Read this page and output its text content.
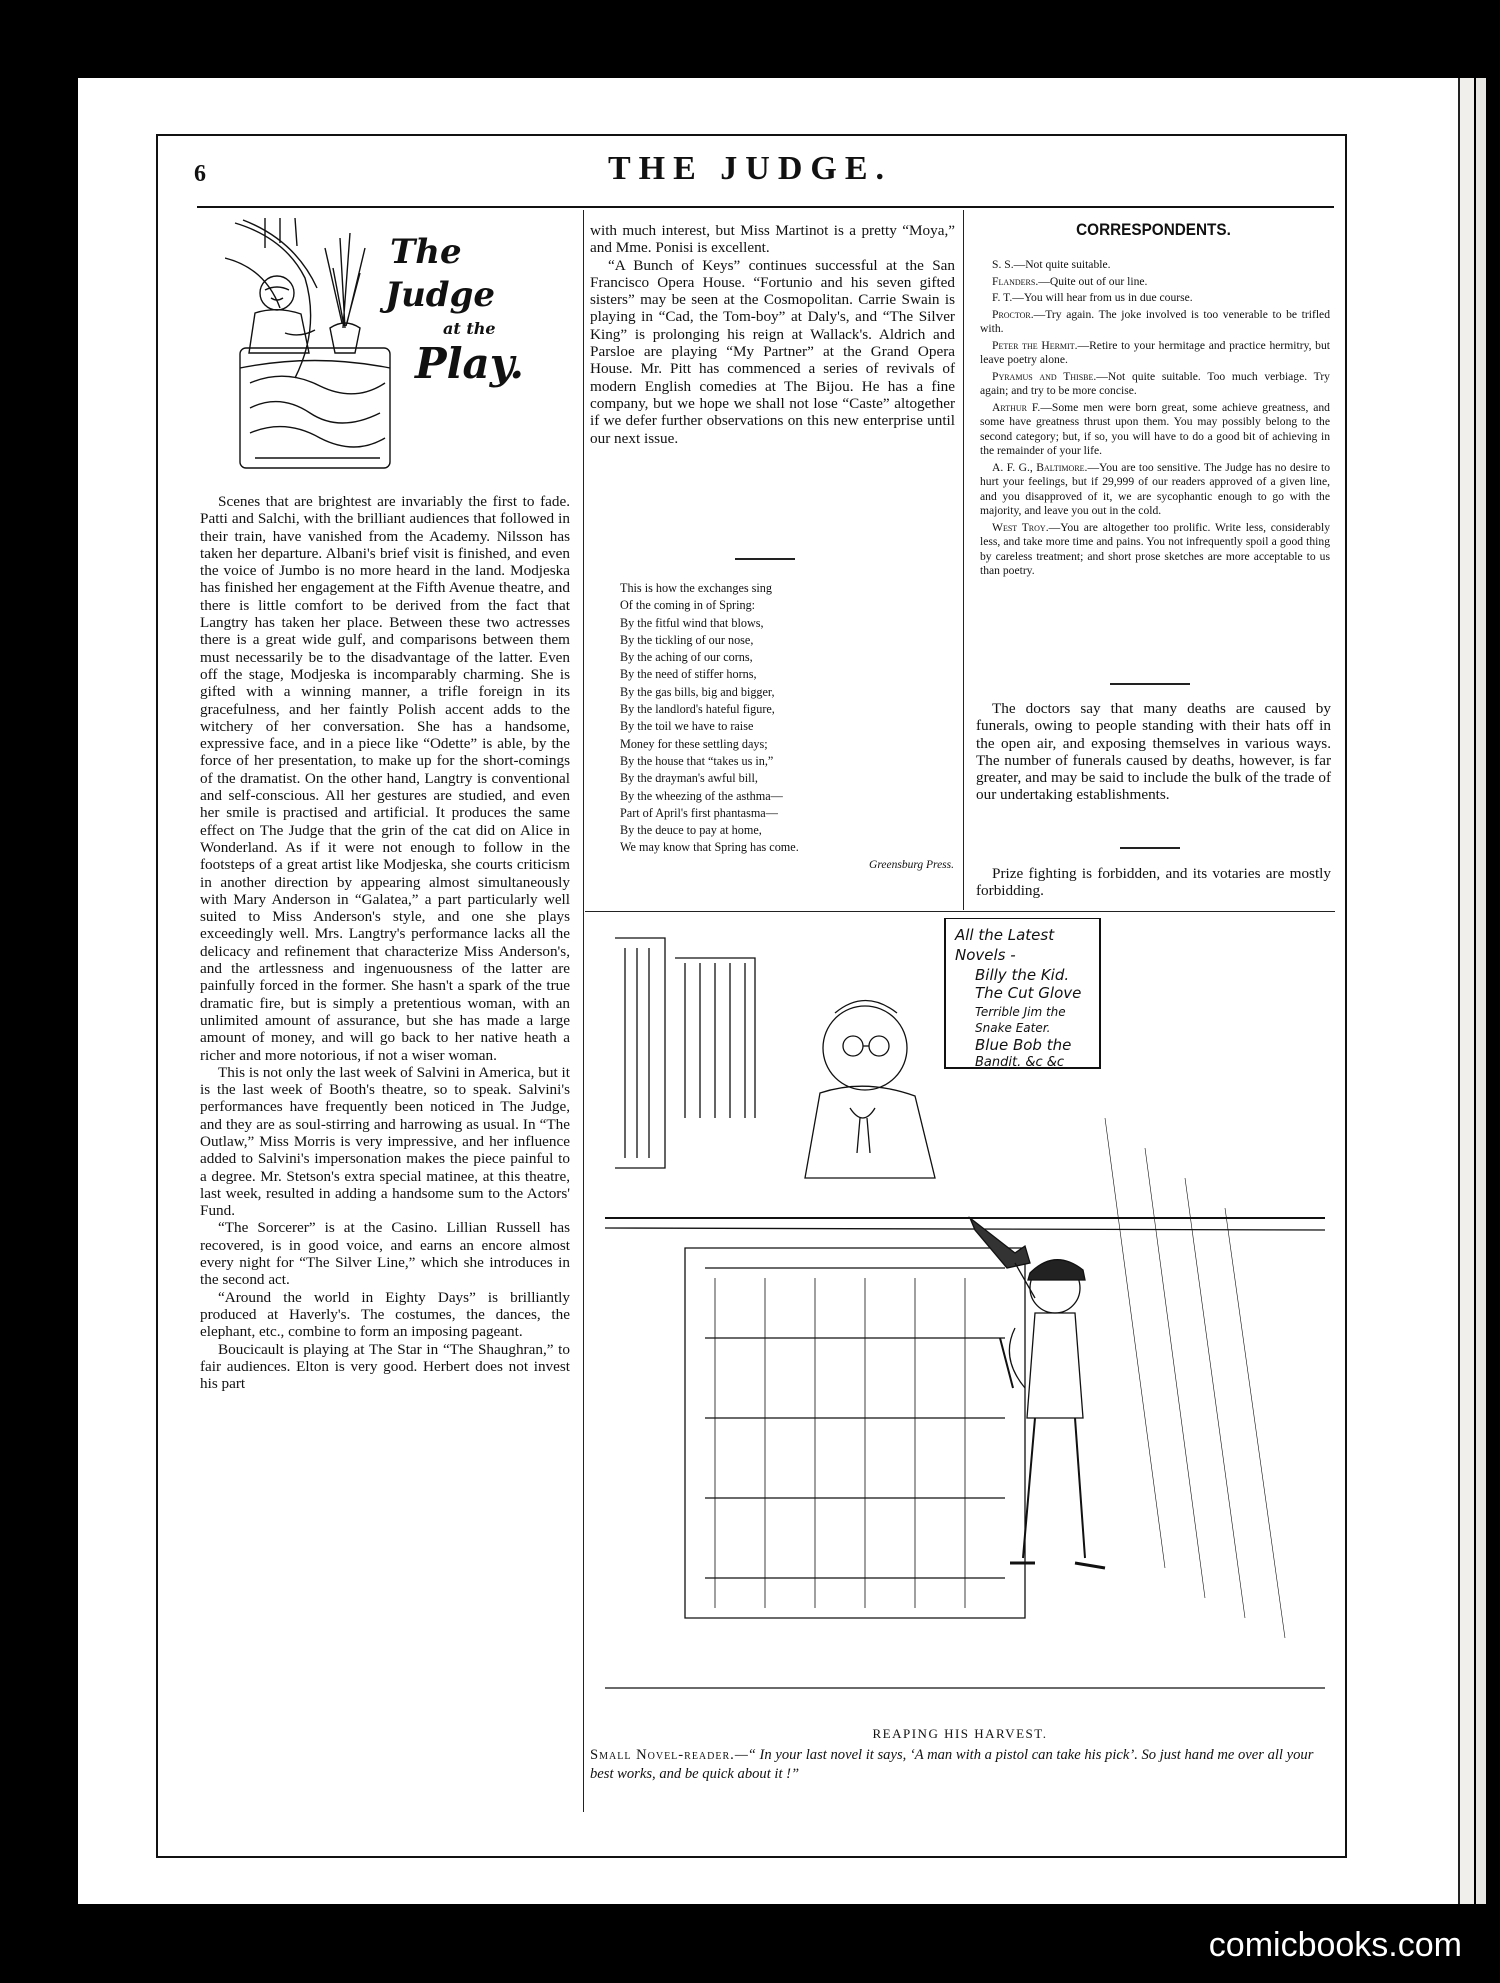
6	THE JUDGE.
The
Judge
at the
Play.

Scenes that are brightest are invariably the first to fade. Patti and Salchi, with the brilliant audiences that followed in their train, have vanished from the Academy. Nilsson has taken her departure. Albani's brief visit is finished, and even the voice of Jumbo is no more heard in the land. Modjeska has finished her engagement at the Fifth Avenue theatre, and there is little comfort to be derived from the fact that Langtry has taken her place. Between these two actresses there is a great wide gulf, and comparisons between them must necessarily be to the disadvantage of the latter. Even off the stage, Modjeska is incomparably charming. She is gifted with a winning manner, a trifle foreign in its gracefulness, and her faintly Polish accent adds to the witchery of her conversation. She has a handsome, expressive face, and in a piece like “Odette” is able, by the force of her presentation, to make up for the short-comings of the dramatist. On the other hand, Langtry is conventional and self-conscious. All her gestures are studied, and even her smile is practised and artificial. It produces the same effect on The Judge that the grin of the cat did on Alice in Wonderland. As if it were not enough to follow in the footsteps of a great artist like Modjeska, she courts criticism in another direction by appearing almost simultaneously with Mary Anderson in “Galatea,” a part particularly well suited to Miss Anderson's style, and one she plays exceedingly well. Mrs. Langtry's performance lacks all the delicacy and refinement that characterize Miss Anderson's, and the artlessness and ingenuousness of the latter are painfully forced in the former. She hasn't a spark of the true dramatic fire, but is simply a pretentious woman, with an unlimited amount of assurance, but she has made a large amount of money, and will go back to her native heath a richer and more notorious, if not a wiser woman.

This is not only the last week of Salvini in America, but it is the last week of Booth's theatre, so to speak. Salvini's performances have frequently been noticed in The Judge, and they are as soul-stirring and harrowing as usual. In “The Outlaw,” Miss Morris is very impressive, and her influence added to Salvini's impersonation makes the piece painful to a degree. Mr. Stetson's extra special matinee, at this theatre, last week, resulted in adding a handsome sum to the Actors' Fund.

“The Sorcerer” is at the Casino. Lillian Russell has recovered, is in good voice, and earns an encore almost every night for “The Silver Line,” which she introduces in the second act.

“Around the world in Eighty Days” is brilliantly produced at Haverly's. The costumes, the dances, the elephant, etc., combine to form an imposing pageant.

Boucicault is playing at The Star in “The Shaughran,” to fair audiences. Elton is very good. Herbert does not invest his part

with much interest, but Miss Martinot is a pretty “Moya,” and Mme. Ponisi is excellent.

“A Bunch of Keys” continues successful at the San Francisco Opera House. “Fortunio and his seven gifted sisters” may be seen at the Cosmopolitan. Carrie Swain is playing in “Cad, the Tom-boy” at Daly's, and “The Silver King” is prolonging his reign at Wallack's. Aldrich and Parsloe are playing “My Partner” at the Grand Opera House. Mr. Pitt has commenced a series of revivals of modern English comedies at The Bijou. He has a fine company, but we hope we shall not lose “Caste” altogether if we defer further observations on this new enterprise until our next issue.

This is how the exchanges sing
Of the coming in of Spring:
By the fitful wind that blows,
By the tickling of our nose,
By the aching of our corns,
By the need of stiffer horns,
By the gas bills, big and bigger,
By the landlord's hateful figure,
By the toil we have to raise
Money for these settling days;
By the house that “takes us in,”
By the drayman's awful bill,
By the wheezing of the asthma—
Part of April's first phantasma—
By the deuce to pay at home,
We may know that Spring has come.
Greensburg Press.
CORRESPONDENTS.

S. S.—Not quite suitable.

Flanders.—Quite out of our line.

F. T.—You will hear from us in due course.

Proctor.—Try again. The joke involved is too venerable to be trifled with.

Peter the Hermit.—Retire to your hermitage and practice hermitry, but leave poetry alone.

Pyramus and Thisbe.—Not quite suitable. Too much verbiage. Try again; and try to be more concise.

Arthur F.—Some men were born great, some achieve greatness, and some have greatness thrust upon them. You may possibly belong to the second category; but, if so, you will have to do a good bit of achieving in the remainder of your life.

A. F. G., Baltimore.—You are too sensitive. The Judge has no desire to hurt your feelings, but if 29,999 of our readers approved of a given line, and you disapproved of it, we are sycophantic enough to go with the majority, and leave you out in the cold.

West Troy.—You are altogether too prolific. Write less, considerably less, and take more time and pains. You not infrequently spoil a good thing by careless treatment; and short prose sketches are more acceptable to us than poetry.

The doctors say that many deaths are caused by funerals, owing to people standing with their hats off in the open air, and exposing themselves in various ways. The number of funerals caused by deaths, however, is far greater, and may be said to include the bulk of the trade of our undertaking establishments.

Prize fighting is forbidden, and its votaries are mostly forbidding.

All the Latest
Novels -
Billy the Kid.
The Cut Glove
Terrible Jim the
Snake Eater.
Blue Bob the
Bandit. &c &c
REAPING HIS HARVEST.
Small Novel-reader.—“ In your last novel it says, ‘A man with a pistol can take his pick’. So just hand me over all your best works, and be quick about it !”
comicbooks.com
